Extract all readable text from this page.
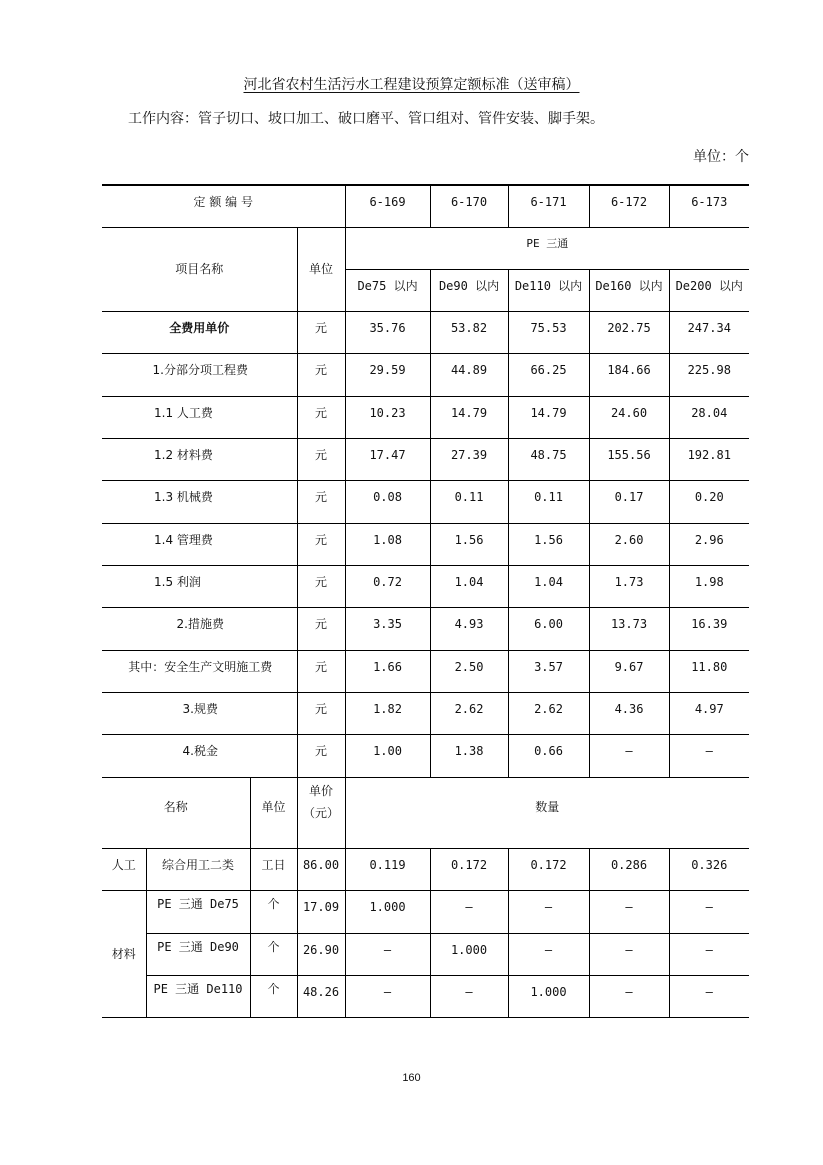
河北省农村生活污水工程建设预算定额标准（送审稿）
工作内容：管子切口、坡口加工、破口磨平、管口组对、管件安装、脚手架。
单位：个
定 额 编 号				6-169	6-170	6-171	6-172	6-173

项目名称			单位	PE 三通				

				De75 以内	De90 以内	De110 以内	De160 以内	De200 以内

全费用单价			元	35.76	53.82	75.53	202.75	247.34

1.分部分项工程费			元	29.59	44.89	66.25	184.66	225.98

1.1 人工费			元	10.23	14.79	14.79	24.60	28.04

1.2 材料费			元	17.47	27.39	48.75	155.56	192.81

1.3 机械费			元	0.08	0.11	0.11	0.17	0.20

1.4 管理费			元	1.08	1.56	1.56	2.60	2.96

1.5 利润			元	0.72	1.04	1.04	1.73	1.98

2.措施费			元	3.35	4.93	6.00	13.73	16.39

其中：安全生产文明施工费			元	1.66	2.50	3.57	9.67	11.80

3.规费			元	1.82	2.62	2.62	4.36	4.97

4.税金			元	1.00	1.38	0.66	–	–

名称		单位	单价
（元）	数量				

人工	综合用工二类	工日	86.00	0.119	0.172	0.172	0.286	0.326

材料	PE 三通 De75	个	17.09	1.000	–	–	–	–

	PE 三通 De90	个	26.90	–	1.000	–	–	–

	PE 三通 De110	个	48.26	–	–	1.000	–	–
160
